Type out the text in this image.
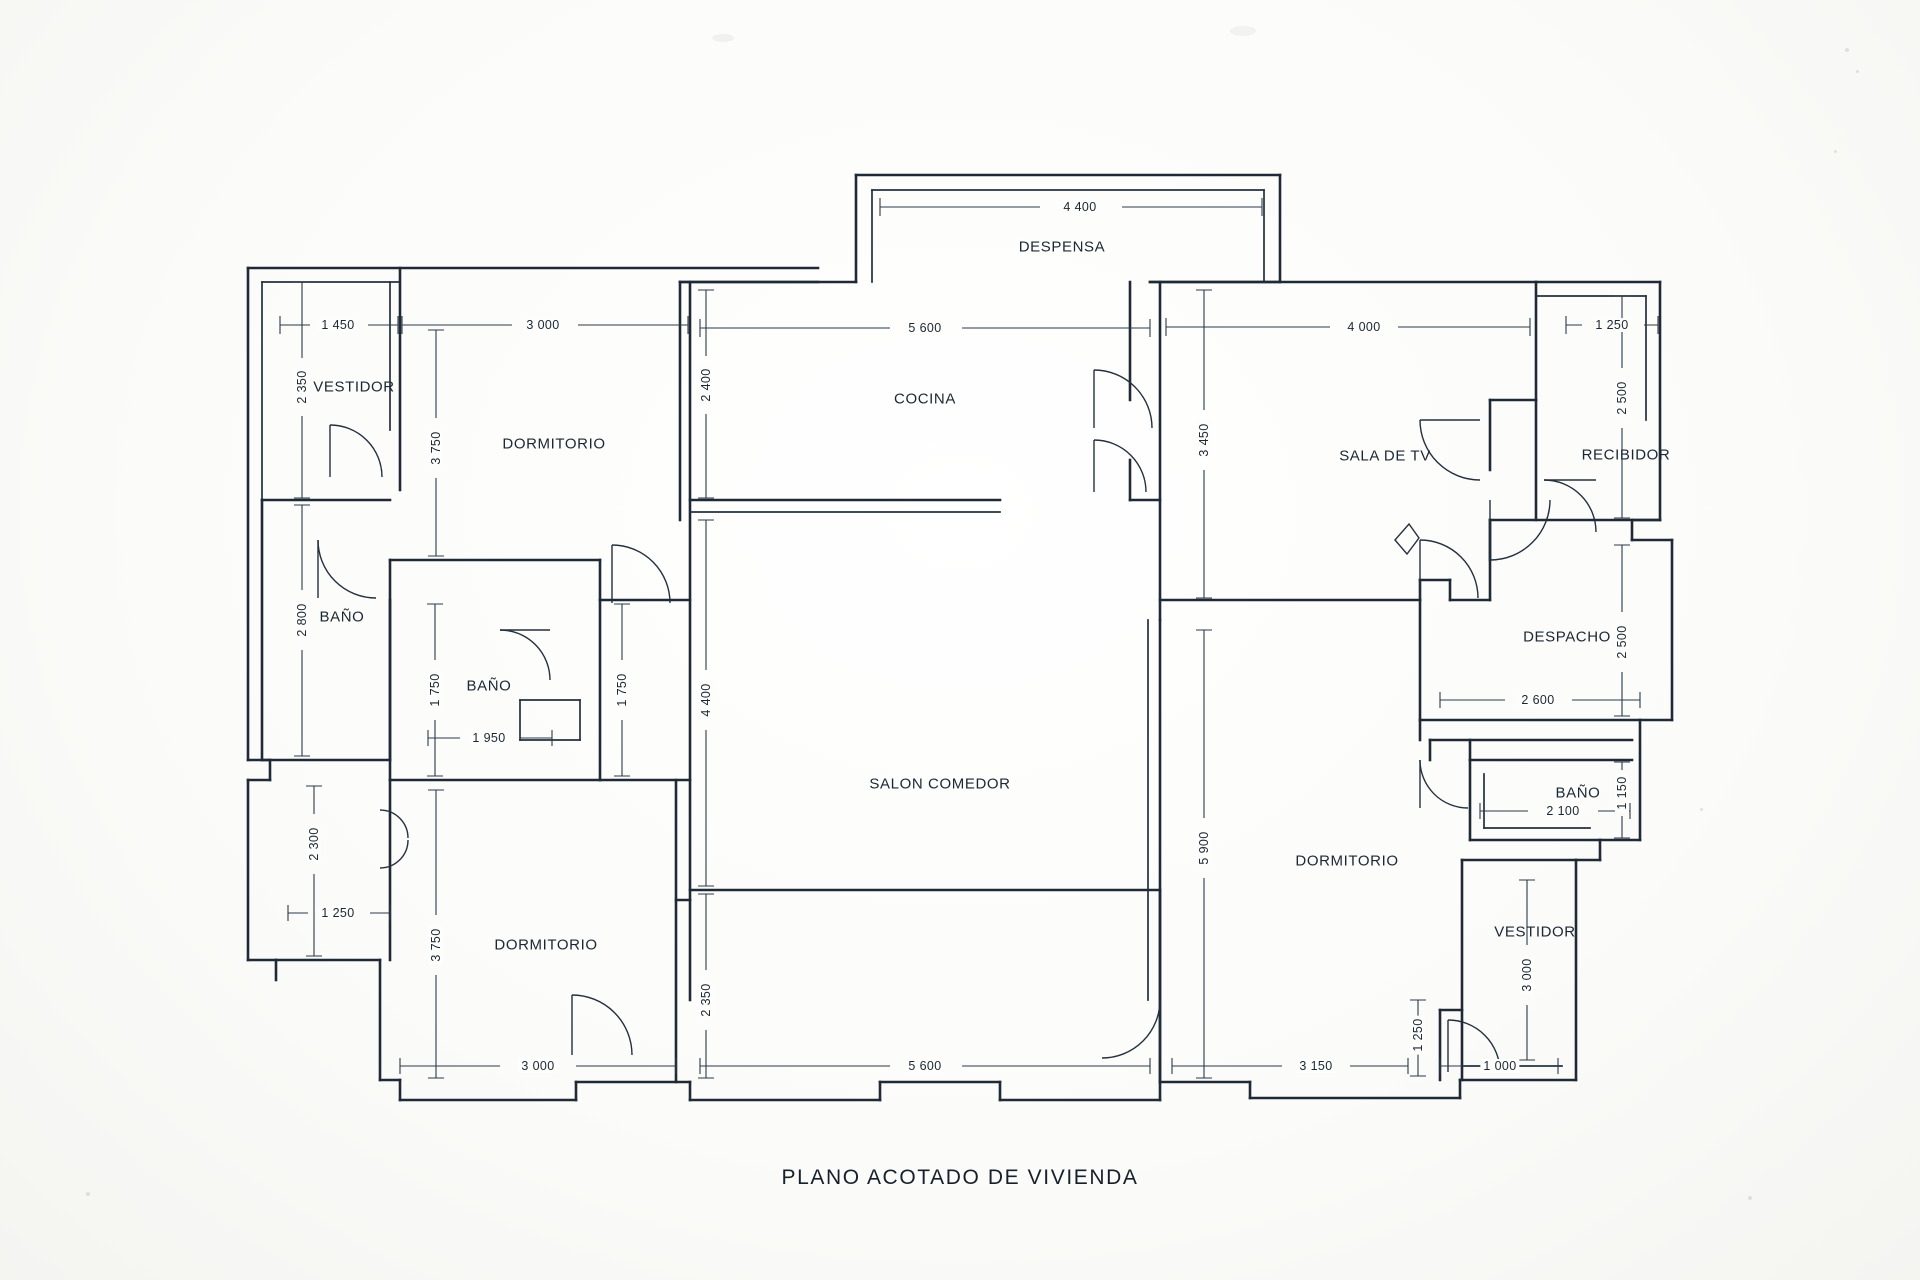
DESPENSA
COCINA
DORMITORIO
VESTIDOR
BAÑO
BAÑO
DORMITORIO
SALON COMEDOR
SALA DE TV	RECIBIDOR
DESPACHO
BAÑO
DORMITORIO
VESTIDOR
4 400
1 450	3 000	5 600	4 000	1 250
1 950
1 250
2 600
2 100
3 000	5 600	3 150	1 000
2 350
3 750
2 400
3 450
2 500
2 800
1 750	1 750	4 400
2 500
1 150
3 750
2 300	5 900
2 350
3 000
1 250
PLANO ACOTADO DE VIVIENDA
